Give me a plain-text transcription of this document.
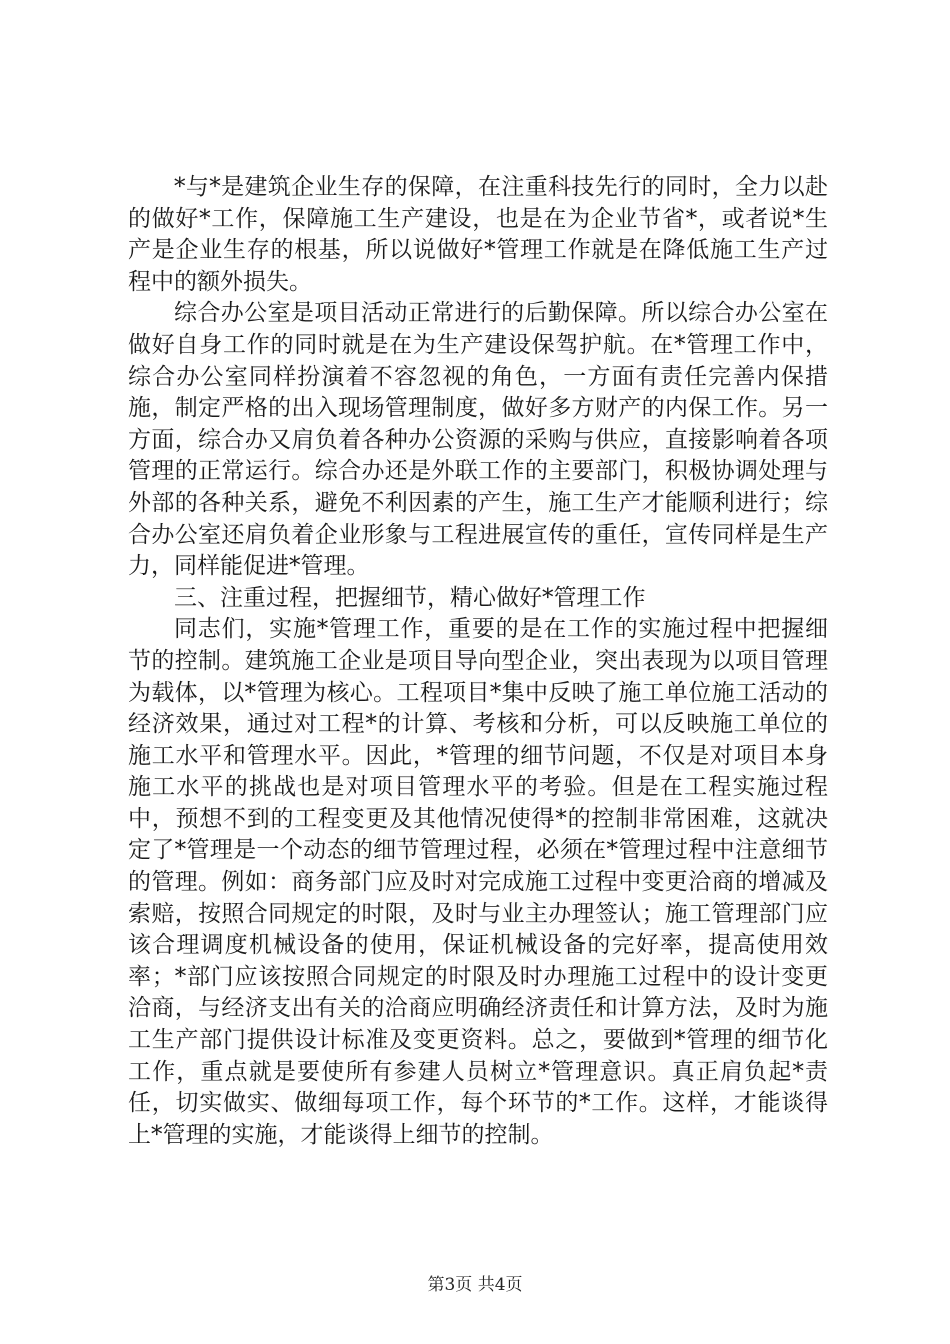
*与*是建筑企业生存的保障，在注重科技先行的同时，全力以赴的做好*工作，保障施工生产建设，也是在为企业节省*，或者说*生产是企业生存的根基，所以说做好*管理工作就是在降低施工生产过程中的额外损失。

综合办公室是项目活动正常进行的后勤保障。所以综合办公室在做好自身工作的同时就是在为生产建设保驾护航。在*管理工作中，综合办公室同样扮演着不容忽视的角色，一方面有责任完善内保措施，制定严格的出入现场管理制度，做好多方财产的内保工作。另一方面，综合办又肩负着各种办公资源的采购与供应，直接影响着各项管理的正常运行。综合办还是外联工作的主要部门，积极协调处理与外部的各种关系，避免不利因素的产生，施工生产才能顺利进行；综合办公室还肩负着企业形象与工程进展宣传的重任，宣传同样是生产力，同样能促进*管理。

三、注重过程，把握细节，精心做好*管理工作

同志们，实施*管理工作，重要的是在工作的实施过程中把握细节的控制。建筑施工企业是项目导向型企业，突出表现为以项目管理为载体，以*管理为核心。工程项目*集中反映了施工单位施工活动的经济效果，通过对工程*的计算、考核和分析，可以反映施工单位的施工水平和管理水平。因此，*管理的细节问题，不仅是对项目本身施工水平的挑战也是对项目管理水平的考验。但是在工程实施过程中，预想不到的工程变更及其他情况使得*的控制非常困难，这就决定了*管理是一个动态的细节管理过程，必须在*管理过程中注意细节的管理。例如：商务部门应及时对完成施工过程中变更洽商的增减及索赔，按照合同规定的时限，及时与业主办理签认；施工管理部门应该合理调度机械设备的使用，保证机械设备的完好率，提高使用效率；*部门应该按照合同规定的时限及时办理施工过程中的设计变更洽商，与经济支出有关的洽商应明确经济责任和计算方法，及时为施工生产部门提供设计标准及变更资料。总之，要做到*管理的细节化工作，重点就是要使所有参建人员树立*管理意识。真正肩负起*责任，切实做实、做细每项工作，每个环节的*工作。这样，才能谈得上*管理的实施，才能谈得上细节的控制。

第3页 共4页
